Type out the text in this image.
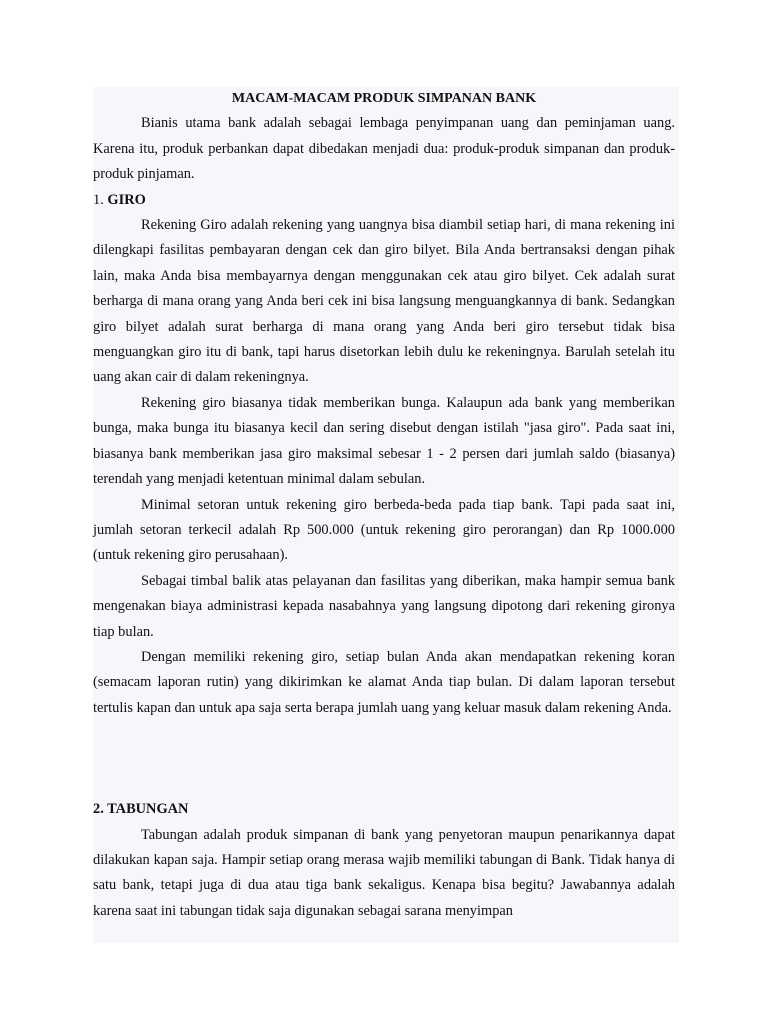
MACAM-MACAM PRODUK SIMPANAN BANK

Bianis utama bank adalah sebagai lembaga penyimpanan uang dan peminjaman uang. Karena itu, produk perbankan dapat dibedakan menjadi dua: produk-produk simpanan dan produk-produk pinjaman.

1. GIRO

Rekening Giro adalah rekening yang uangnya bisa diambil setiap hari, di mana rekening ini dilengkapi fasilitas pembayaran dengan cek dan giro bilyet. Bila Anda bertransaksi dengan pihak lain, maka Anda bisa membayarnya dengan menggunakan cek atau giro bilyet. Cek adalah surat berharga di mana orang yang Anda beri cek ini bisa langsung menguangkannya di bank. Sedangkan giro bilyet adalah surat berharga di mana orang yang Anda beri giro tersebut tidak bisa menguangkan giro itu di bank, tapi harus disetorkan lebih dulu ke rekeningnya. Barulah setelah itu uang akan cair di dalam rekeningnya.

Rekening giro biasanya tidak memberikan bunga. Kalaupun ada bank yang memberikan bunga, maka bunga itu biasanya kecil dan sering disebut dengan istilah "jasa giro". Pada saat ini, biasanya bank memberikan jasa giro maksimal sebesar 1 - 2 persen dari jumlah saldo (biasanya) terendah yang menjadi ketentuan minimal dalam sebulan.

Minimal setoran untuk rekening giro berbeda-beda pada tiap bank. Tapi pada saat ini, jumlah setoran terkecil adalah Rp 500.000 (untuk rekening giro perorangan) dan Rp 1000.000 (untuk rekening giro perusahaan).

Sebagai timbal balik atas pelayanan dan fasilitas yang diberikan, maka hampir semua bank mengenakan biaya administrasi kepada nasabahnya yang langsung dipotong dari rekening gironya tiap bulan.

Dengan memiliki rekening giro, setiap bulan Anda akan mendapatkan rekening koran (semacam laporan rutin) yang dikirimkan ke alamat Anda tiap bulan. Di dalam laporan tersebut tertulis kapan dan untuk apa saja serta berapa jumlah uang yang keluar masuk dalam rekening Anda.

2. TABUNGAN

Tabungan adalah produk simpanan di bank yang penyetoran maupun penarikannya dapat dilakukan kapan saja. Hampir setiap orang merasa wajib memiliki tabungan di Bank. Tidak hanya di satu bank, tetapi juga di dua atau tiga bank sekaligus. Kenapa bisa begitu? Jawabannya adalah karena saat ini tabungan tidak saja digunakan sebagai sarana menyimpan
